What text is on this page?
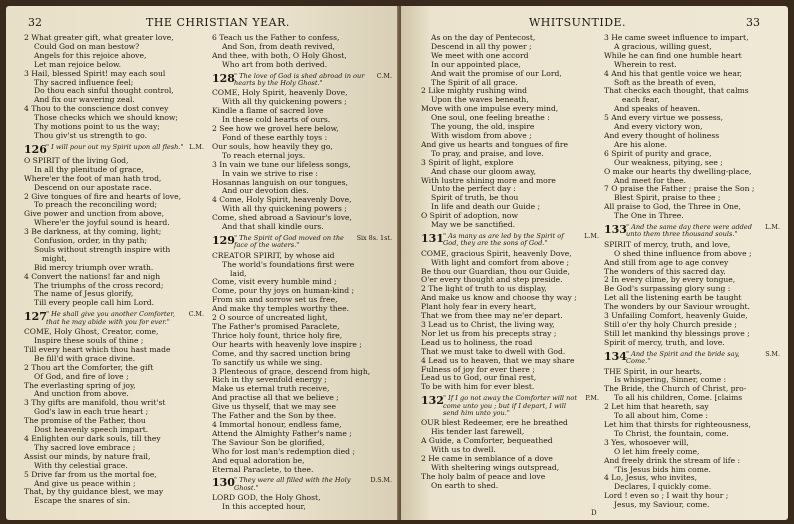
32	THE CHRISTIAN YEAR.
2 What greater gift, what greater love,
Could God on man bestow?
Angels for this rejoice above,
Let man rejoice below.
3 Hail, blessed Spirit! may each soul
Thy sacred influence feel;
Do thou each sinful thought control,
And fix our wavering zeal.
4 Thou to the conscience dost convey
Those checks which we should know;
Thy motions point to us the way;
Thou giv'st us strength to go.
126 " I will pour out my Spirit upon all flesh." L.M.
O SPIRIT of the living God,
In all thy plenitude of grace,
Where'er the foot of man hath trod,
Descend on our apostate race.
2 Give tongues of fire and hearts of love,
To preach the reconciling word;
Give power and unction from above,
Where'er the joyful sound is heard.
3 Be darkness, at thy coming, light;
Confusion, order, in thy path;
Souls without strength inspire with
might,
Bid mercy triumph over wrath.
4 Convert the nations! far and nigh
The triumphs of the cross record;
The name of Jesus glorify,
Till every people call him Lord.
127 " He shall give you another Comforter, that he may abide with you for ever."
C.M.
COME, Holy Ghost, Creator, come,
Inspire these souls of thine ;
Till every heart which thou hast made
Be fill'd with grace divine.
2 Thou art the Comforter, the gift
Of God, and fire of love ;
The everlasting spring of joy,
And unction from above.
3 Thy gifts are manifold, thou writ'st
God's law in each true heart ;
The promise of the Father, thou
Dost heavenly speech impart.
4 Enlighten our dark souls, till they
Thy sacred love embrace ;
Assist our minds, by nature frail,
With thy celestial grace.
5 Drive far from us the mortal foe,
And give us peace within ;
That, by thy guidance blest, we may
Escape the snares of sin.
6 Teach us the Father to confess,
And Son, from death revived,
And thee, with both, O Holy Ghost,
Who art from both derived.
128 " The love of God is shed abroad in our hearts by the Holy Ghost."
C.M.
COME, Holy Spirit, heavenly Dove,
With all thy quickening powers ;
Kindle a flame of sacred love
In these cold hearts of ours.
2 See how we grovel here below,
Fond of these earthly toys :
Our souls, how heavily they go,
To reach eternal joys.
3 In vain we tune our lifeless songs,
In vain we strive to rise :
Hosannas languish on our tongues,
And our devotion dies.
4 Come, Holy Spirit, heavenly Dove,
With all thy quickening powers ;
Come, shed abroad a Saviour's love,
And that shall kindle ours.
129 " The Spirit of God moved on the face of the waters."
Six 8s. 1st.
CREATOR SPIRIT, by whose aid
The world's foundations first were
laid,
Come, visit every humble mind ;
Come, pour thy joys on human-kind ;
From sin and sorrow set us free,
And make thy temples worthy thee.
2 O source of uncreated light,
The Father's promised Paraclete,
Thrice holy fount, thrice holy fire,
Our hearts with heavenly love inspire ;
Come, and thy sacred unction bring
To sanctify us while we sing.
3 Plenteous of grace, descend from high,
Rich in thy sevenfold energy ;
Make us eternal truth receive,
And practise all that we believe ;
Give us thyself, that we may see
The Father and the Son by thee.
4 Immortal honour, endless fame,
Attend the Almighty Father's name ;
The Saviour Son be glorified,
Who for lost man's redemption died ;
And equal adoration be,
Eternal Paraclete, to thee.
130 " They were all filled with the Holy Ghost."
D.S.M.
LORD GOD, the Holy Ghost,
In this accepted hour,
WHITSUNTIDE.	33
As on the day of Pentecost,
Descend in all thy power ;
We meet with one accord
In our appointed place,
And wait the promise of our Lord,
The Spirit of all grace.
2 Like mighty rushing wind
Upon the waves beneath,
Move with one impulse every mind,
One soul, one feeling breathe :
The young, the old, inspire
With wisdom from above ;
And give us hearts and tongues of fire
To pray, and praise, and love.
3 Spirit of light, explore
And chase our gloom away,
With lustre shining more and more
Unto the perfect day :
Spirit of truth, be thou
In life and death our Guide ;
O Spirit of adoption, now
May we be sanctified.
131 " As many as are led by the Spirit of God, they are the sons of God."
L.M.
COME, gracious Spirit, heavenly Dove,
With light and comfort from above ;
Be thou our Guardian, thou our Guide,
O'er every thought and step preside.
2 The light of truth to us display,
And make us know and choose thy way ;
Plant holy fear in every heart,
That we from thee may ne'er depart.
3 Lead us to Christ, the living way,
Nor let us from his precepts stray ;
Lead us to holiness, the road
That we must take to dwell with God.
4 Lead us to heaven, that we may share
Fulness of joy for ever there ;
Lead us to God, our final rest,
To be with him for ever blest.
132 " If I go not away the Comforter will not come unto you ; but if I depart, I will send him unto you."
P.M.
OUR blest Redeemer, ere he breathed
His tender last farewell,
A Guide, a Comforter, bequeathed
With us to dwell.
2 He came in semblance of a dove
With sheltering wings outspread,
The holy balm of peace and love
On earth to shed.
3 He came sweet influence to impart,
A gracious, willing guest,
While he can find one humble heart
Wherein to rest.
4 And his that gentle voice we hear,
Soft as the breath of even,
That checks each thought, that calms
each fear,
And speaks of heaven.
5 And every virtue we possess,
And every victory won,
And every thought of holiness
Are his alone.
6 Spirit of purity and grace,
Our weakness, pitying, see ;
O make our hearts thy dwelling-place,
And meet for thee.
7 O praise the Father ; praise the Son ;
Blest Spirit, praise to thee ;
All praise to God, the Three in One,
The One in Three.
133 " And the same day there were added unto them three thousand souls."
L.M.
SPIRIT of mercy, truth, and love,
O shed thine influence from above ;
And still from age to age convey
The wonders of this sacred day.
2 In every clime, by every tongue,
Be God's surpassing glory sung :
Let all the listening earth be taught
The wonders by our Saviour wrought.
3 Unfailing Comfort, heavenly Guide,
Still o'er thy holy Church preside ;
Still let mankind thy blessings prove ;
Spirit of mercy, truth, and love.
134 " And the Spirit and the bride say, Come."
S.M.
THE Spirit, in our hearts,
Is whispering, Sinner, come :
The Bride, the Church of Christ, pro-
To all his children, Come. [claims
2 Let him that heareth, say
To all about him, Come :
Let him that thirsts for righteousness,
To Christ, the fountain, come.
3 Yes, whosoever will,
O let him freely come,
And freely drink the stream of life :
'Tis Jesus bids him come.
4 Lo, Jesus, who invites,
Declares, I quickly come.
Lord ! even so ; I wait thy hour ;
Jesus, my Saviour, come.
D
